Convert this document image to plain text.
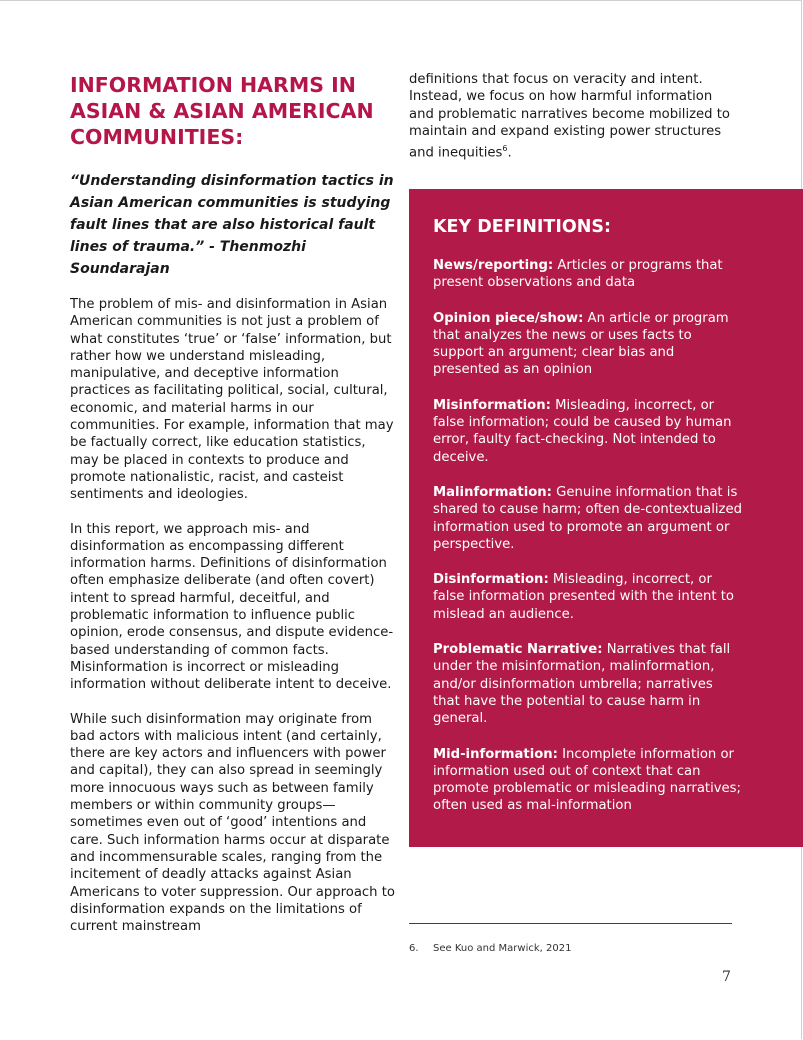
INFORMATION HARMS IN ASIAN & ASIAN AMERICAN COMMUNITIES:

“Understanding disinformation tactics in Asian American communities is studying fault lines that are also historical fault lines of trauma.” - Thenmozhi Soundarajan

The problem of mis- and disinformation in Asian American communities is not just a problem of what constitutes ‘true’ or ‘false’ information, but rather how we understand misleading, manipulative, and deceptive information practices as facilitating political, social, cultural, economic, and material harms in our communities. For example, information that may be factually correct, like education statistics, may be placed in contexts to produce and promote nationalistic, racist, and casteist sentiments and ideologies.

In this report, we approach mis- and disinformation as encompassing different information harms. Definitions of disinformation often emphasize deliberate (and often covert) intent to spread harmful, deceitful, and problematic information to influence public opinion, erode consensus, and dispute evidence-based understanding of common facts. Misinformation is incorrect or misleading information without deliberate intent to deceive.

While such disinformation may originate from bad actors with malicious intent (and certainly, there are key actors and influencers with power and capital), they can also spread in seemingly more innocuous ways such as between family members or within community groups—sometimes even out of ‘good’ intentions and care. Such information harms occur at disparate and incommensurable scales, ranging from the incitement of deadly attacks against Asian Americans to voter suppression. Our approach to disinformation expands on the limitations of current mainstream

definitions that focus on veracity and intent. Instead, we focus on how harmful information and problematic narratives become mobilized to maintain and expand existing power structures and inequities$^6$.

KEY DEFINITIONS:

News/reporting: Articles or programs that present observations and data

Opinion piece/show: An article or program that analyzes the news or uses facts to support an argument; clear bias and presented as an opinion

Misinformation: Misleading, incorrect, or false information; could be caused by human error, faulty fact-checking. Not intended to deceive.

Malinformation: Genuine information that is shared to cause harm; often de-contextualized information used to promote an argument or perspective.

Disinformation: Misleading, incorrect, or false information presented with the intent to mislead an audience.

Problematic Narrative: Narratives that fall under the misinformation, malinformation, and/or disinformation umbrella; narratives that have the potential to cause harm in general.

Mid-information: Incomplete information or information used out of context that can promote problematic or misleading narratives; often used as mal-information

6. See Kuo and Marwick, 2021
7
